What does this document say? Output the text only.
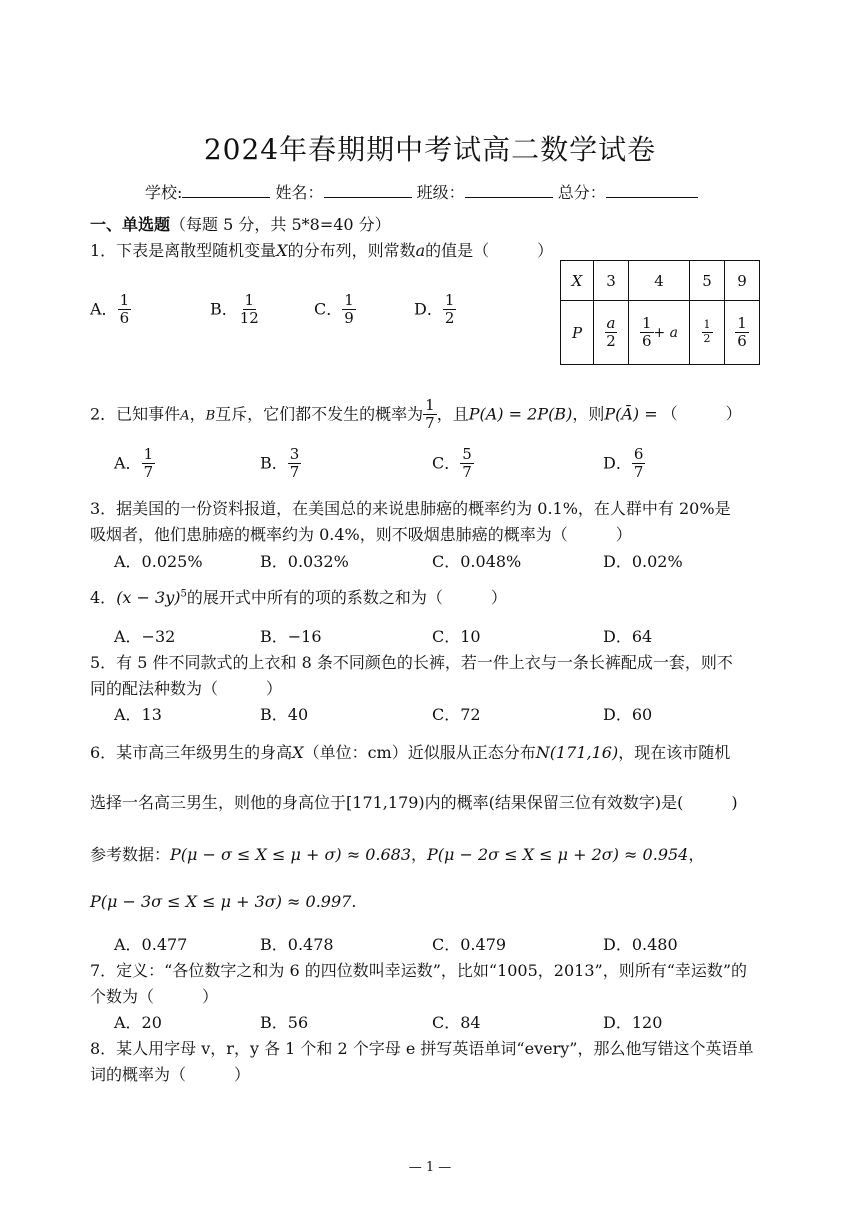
2024年春期期中考试高二数学试卷
学校:	姓名：	班级：	总分：
一、单选题（每题 5 分，共 5*8=40 分）
1．下表是离散型随机变量X的分布列，则常数a的值是（　　　）
A． $\frac{1}{6}$	B． $\frac{1}{12}$	C． $\frac{1}{9}$	D． $\frac{1}{2}$
X	3	4	5	9
P	$\frac{a}{2}$	$\frac{1}{6} + a$	$\frac{1}{2}$	$\frac{1}{6}$
2．已知事件A，B互斥，它们都不发生的概率为 $\frac{1}{7}$ ，且P(A) = 2P(B)，则P(Ā) = （　　　）
A． $\frac{1}{7}$	B． $\frac{3}{7}$	C． $\frac{5}{7}$	D． $\frac{6}{7}$
3．据美国的一份资料报道，在美国总的来说患肺癌的概率约为 0.1%，在人群中有 20%是
吸烟者，他们患肺癌的概率约为 0.4%，则不吸烟患肺癌的概率为（　　　）
A．0.025%	B．0.032%	C．0.048%	D．0.02%
4．$(x - 3y)^5$的展开式中所有的项的系数之和为（　　　）
A．−32	B．−16	C．10	D．64
5．有 5 件不同款式的上衣和 8 条不同颜色的长裤，若一件上衣与一条长裤配成一套，则不
同的配法种数为（　　　）
A．13	B．40	C．72	D．60
6．某市高三年级男生的身高X（单位：cm）近似服从正态分布N(171,16)，现在该市随机
选择一名高三男生，则他的身高位于[171,179)内的概率(结果保留三位有效数字)是(　　　)
参考数据：P(μ − σ ≤ X ≤ μ + σ) ≈ 0.683，P(μ − 2σ ≤ X ≤ μ + 2σ) ≈ 0.954，
P(μ − 3σ ≤ X ≤ μ + 3σ) ≈ 0.997.
A．0.477	B．0.478	C．0.479	D．0.480
7．定义：“各位数字之和为 6 的四位数叫幸运数”，比如“1005，2013”，则所有“幸运数”的
个数为（　　　）
A．20	B．56	C．84	D．120
8．某人用字母 v，r，y 各 1 个和 2 个字母 e 拼写英语单词“every”，那么他写错这个英语单
词的概率为（　　　）
— 1 —
